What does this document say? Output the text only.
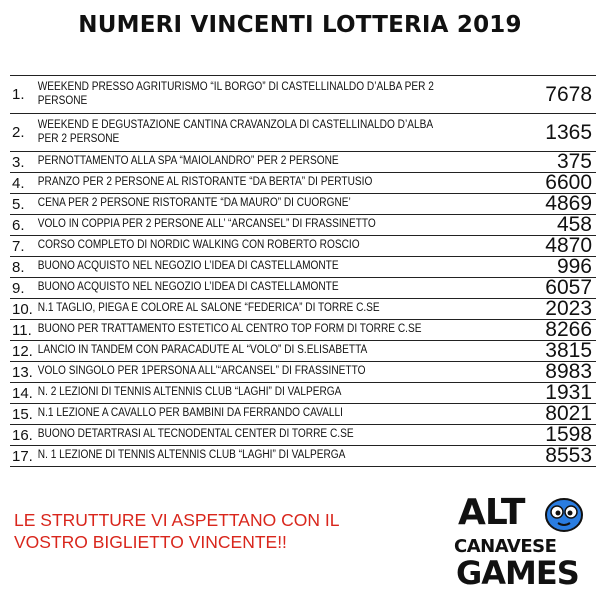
NUMERI VINCENTI LOTTERIA 2019
1.	WEEKEND PRESSO AGRITURISMO “IL BORGO” DI CASTELLINALDO D’ALBA PER 2 PERSONE	7678
2.	WEEKEND E DEGUSTAZIONE CANTINA CRAVANZOLA DI CASTELLINALDO D’ALBA PER 2 PERSONE	1365
3.	PERNOTTAMENTO ALLA SPA “MAIOLANDRO” PER 2 PERSONE	375
4.	PRANZO PER 2 PERSONE AL RISTORANTE “DA BERTA” DI PERTUSIO	6600
5.	CENA PER 2 PERSONE RISTORANTE “DA MAURO” DI CUORGNE’	4869
6.	VOLO IN COPPIA PER 2 PERSONE ALL’ “ARCANSEL” DI FRASSINETTO	458
7.	CORSO COMPLETO DI NORDIC WALKING CON ROBERTO ROSCIO	4870
8.	BUONO ACQUISTO NEL NEGOZIO L’IDEA DI CASTELLAMONTE	996
9.	BUONO ACQUISTO NEL NEGOZIO L’IDEA DI CASTELLAMONTE	6057
10. N.1 TAGLIO, PIEGA E COLORE AL SALONE “FEDERICA” DI TORRE C.SE	2023
11. BUONO PER TRATTAMENTO ESTETICO AL CENTRO TOP FORM DI TORRE C.SE	8266
12. LANCIO IN TANDEM CON PARACADUTE AL “VOLO” DI S.ELISABETTA	3815
13. VOLO SINGOLO PER 1PERSONA ALL’“ARCANSEL” DI FRASSINETTO	8983
14. N. 2 LEZIONI DI TENNIS ALTENNIS CLUB “LAGHI” DI VALPERGA	1931
15. N.1 LEZIONE A CAVALLO PER BAMBINI DA FERRANDO CAVALLI	8021
16. BUONO DETARTRASI AL TECNODENTAL CENTER DI TORRE C.SE	1598
17. N. 1 LEZIONE DI TENNIS ALTENNIS CLUB “LAGHI” DI VALPERGA	8553
LE STRUTTURE VI ASPETTANO CON IL
VOSTRO BIGLIETTO VINCENTE!!
ALT
CANAVESE
GAMES
